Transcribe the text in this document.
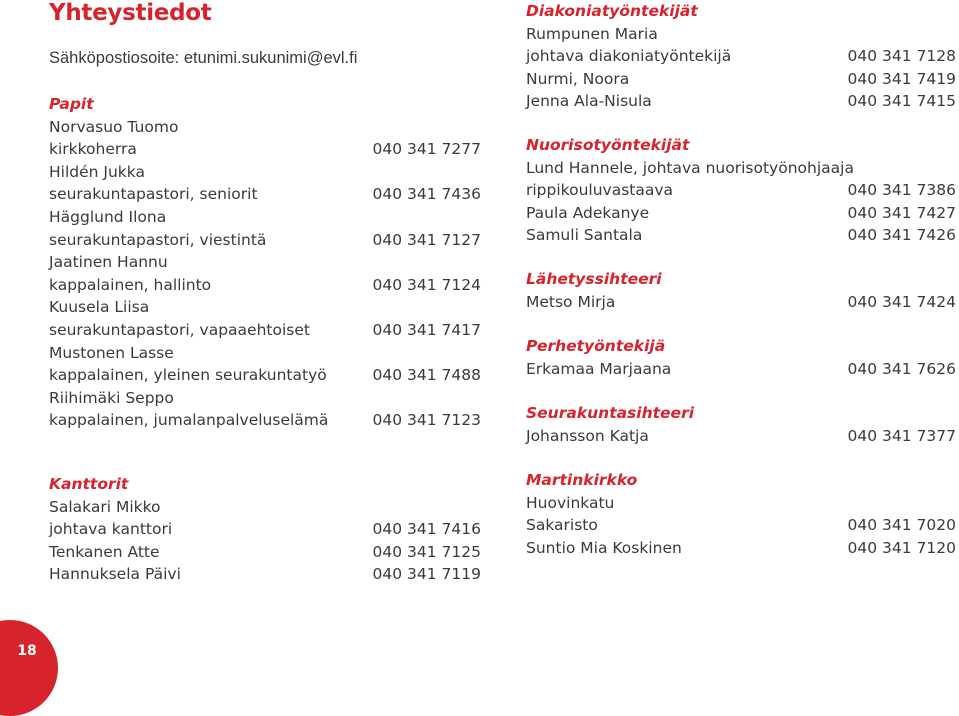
Yhteystiedot
Sähköpostiosoite: etunimi.sukunimi@evl.fi
Papit
Norvasuo Tuomo
kirkkoherra	040 341 7277
Hildén Jukka
seurakuntapastori, seniorit	040 341 7436
Hägglund Ilona
seurakuntapastori, viestintä	040 341 7127
Jaatinen Hannu
kappalainen, hallinto	040 341 7124
Kuusela Liisa
seurakuntapastori, vapaaehtoiset	040 341 7417
Mustonen Lasse
kappalainen, yleinen seurakuntatyö	040 341 7488
Riihimäki Seppo
kappalainen, jumalanpalveluselämä	040 341 7123
Kanttorit
Salakari Mikko
johtava kanttori	040 341 7416
Tenkanen Atte	040 341 7125
Hannuksela Päivi	040 341 7119
Diakoniatyöntekijät
Rumpunen Maria
johtava diakoniatyöntekijä	040 341 7128
Nurmi, Noora	040 341 7419
Jenna Ala-Nisula	040 341 7415
Nuorisotyöntekijät
Lund Hannele, johtava nuorisotyönohjaaja
rippikouluvastaava	040 341 7386
Paula Adekanye	040 341 7427
Samuli Santala	040 341 7426
Lähetyssihteeri
Metso Mirja	040 341 7424
Perhetyöntekijä
Erkamaa Marjaana	040 341 7626
Seurakuntasihteeri
Johansson Katja	040 341 7377
Martinkirkko
Huovinkatu
Sakaristo	040 341 7020
Suntio Mia Koskinen	040 341 7120
18
